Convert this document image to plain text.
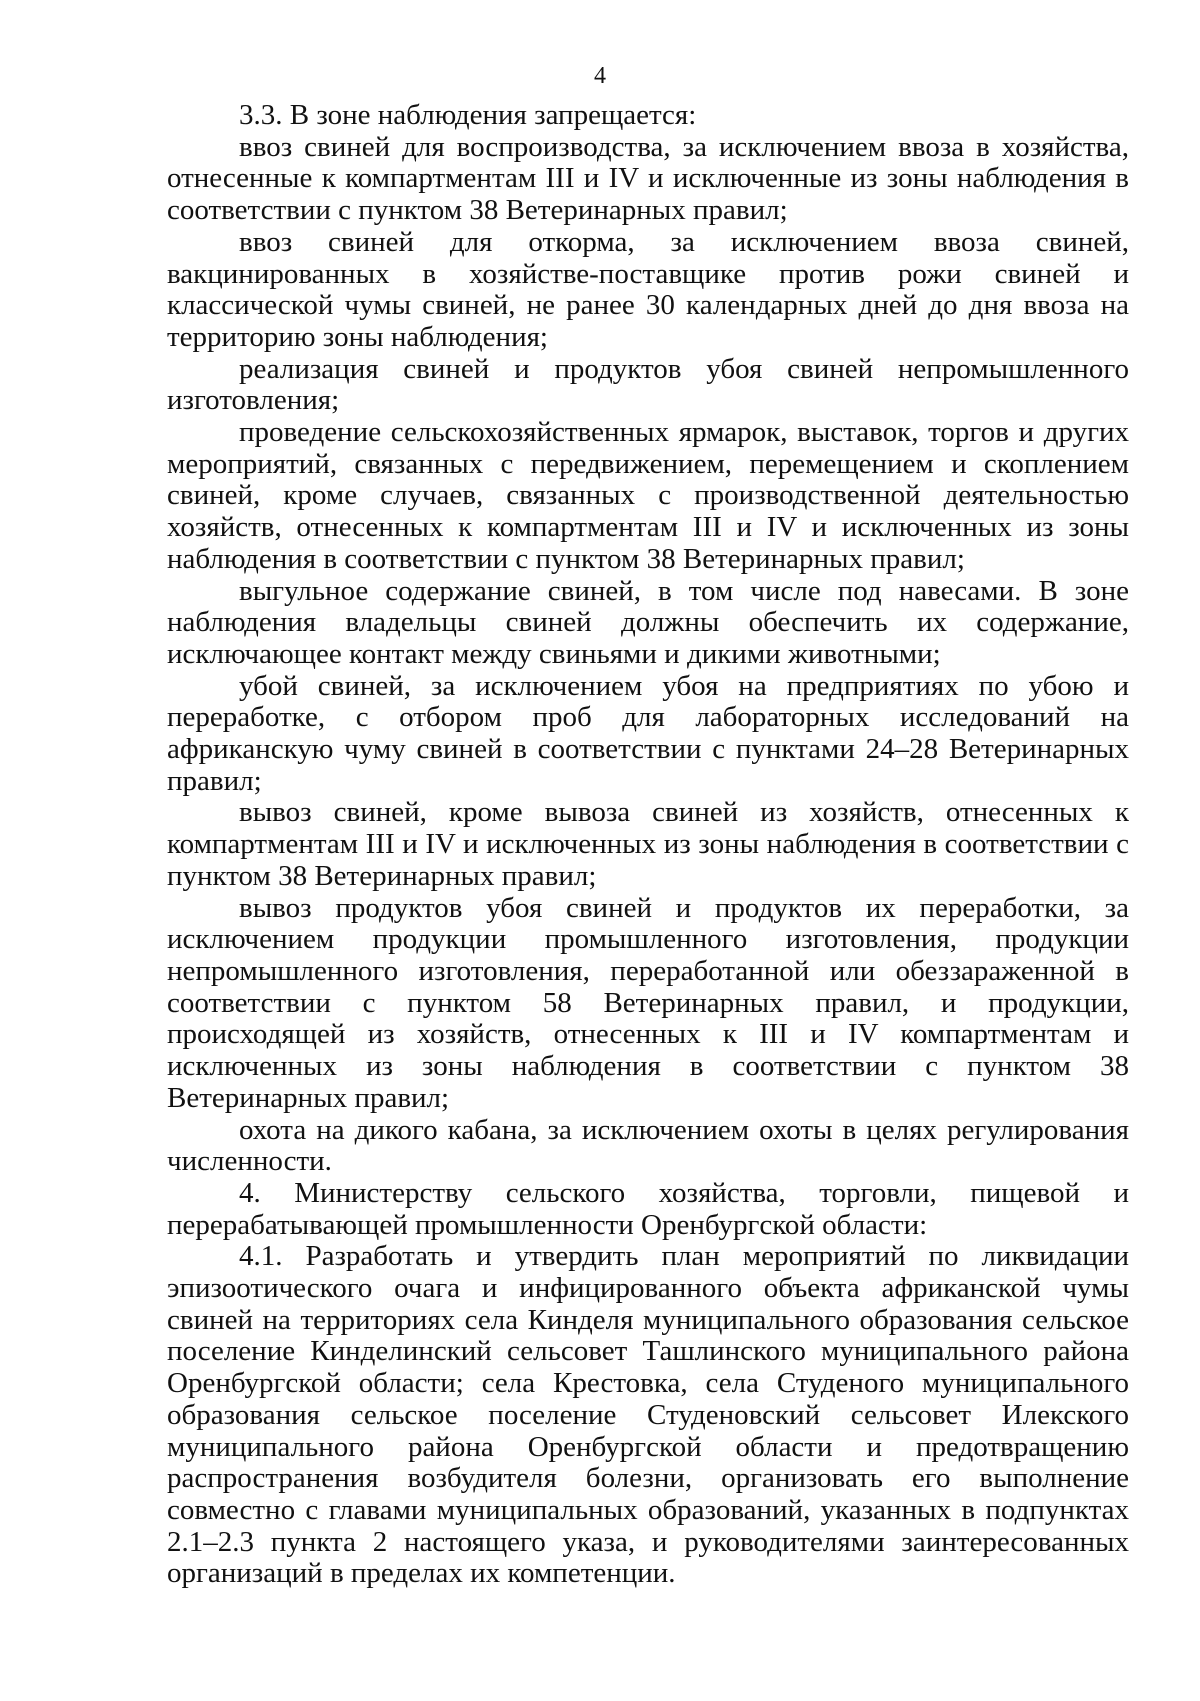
4

3.3. В зоне наблюдения запрещается:

ввоз свиней для воспроизводства, за исключением ввоза в хозяйства, отнесенные к компартментам III и IV и исключенные из зоны наблюдения в соответствии с пунктом 38 Ветеринарных правил;

ввоз свиней для откорма, за исключением ввоза свиней, вакцинированных в хозяйстве-поставщике против рожи свиней и классической чумы свиней, не ранее 30 календарных дней до дня ввоза на территорию зоны наблюдения;

реализация свиней и продуктов убоя свиней непромышленного изготовления;

проведение сельскохозяйственных ярмарок, выставок, торгов и других мероприятий, связанных с передвижением, перемещением и скоплением свиней, кроме случаев, связанных с производственной деятельностью хозяйств, отнесенных к компартментам III и IV и исключенных из зоны наблюдения в соответствии с пунктом 38 Ветеринарных правил;

выгульное содержание свиней, в том числе под навесами. В зоне наблюдения владельцы свиней должны обеспечить их содержание, исключающее контакт между свиньями и дикими животными;

убой свиней, за исключением убоя на предприятиях по убою и переработке, с отбором проб для лабораторных исследований на африканскую чуму свиней в соответствии с пунктами 24–28 Ветеринарных правил;

вывоз свиней, кроме вывоза свиней из хозяйств, отнесенных к компартментам III и IV и исключенных из зоны наблюдения в соответствии с пунктом 38 Ветеринарных правил;

вывоз продуктов убоя свиней и продуктов их переработки, за исключением продукции промышленного изготовления, продукции непромышленного изготовления, переработанной или обеззараженной в соответствии с пунктом 58 Ветеринарных правил, и продукции, происходящей из хозяйств, отнесенных к III и IV компартментам и исключенных из зоны наблюдения в соответствии с пунктом 38 Ветеринарных правил;

охота на дикого кабана, за исключением охоты в целях регулирования численности.

4. Министерству сельского хозяйства, торговли, пищевой и перерабатывающей промышленности Оренбургской области:

4.1. Разработать и утвердить план мероприятий по ликвидации эпизоотического очага и инфицированного объекта африканской чумы свиней на территориях села Кинделя муниципального образования сельское поселение Кинделинский сельсовет Ташлинского муниципального района Оренбургской области; села Крестовка, села Студеного муниципального образования сельское поселение Студеновский сельсовет Илекского муниципального района Оренбургской области и предотвращению распространения возбудителя болезни, организовать его выполнение совместно с главами муниципальных образований, указанных в подпунктах 2.1–2.3 пункта 2 настоящего указа, и руководителями заинтересованных организаций в пределах их компетенции.
